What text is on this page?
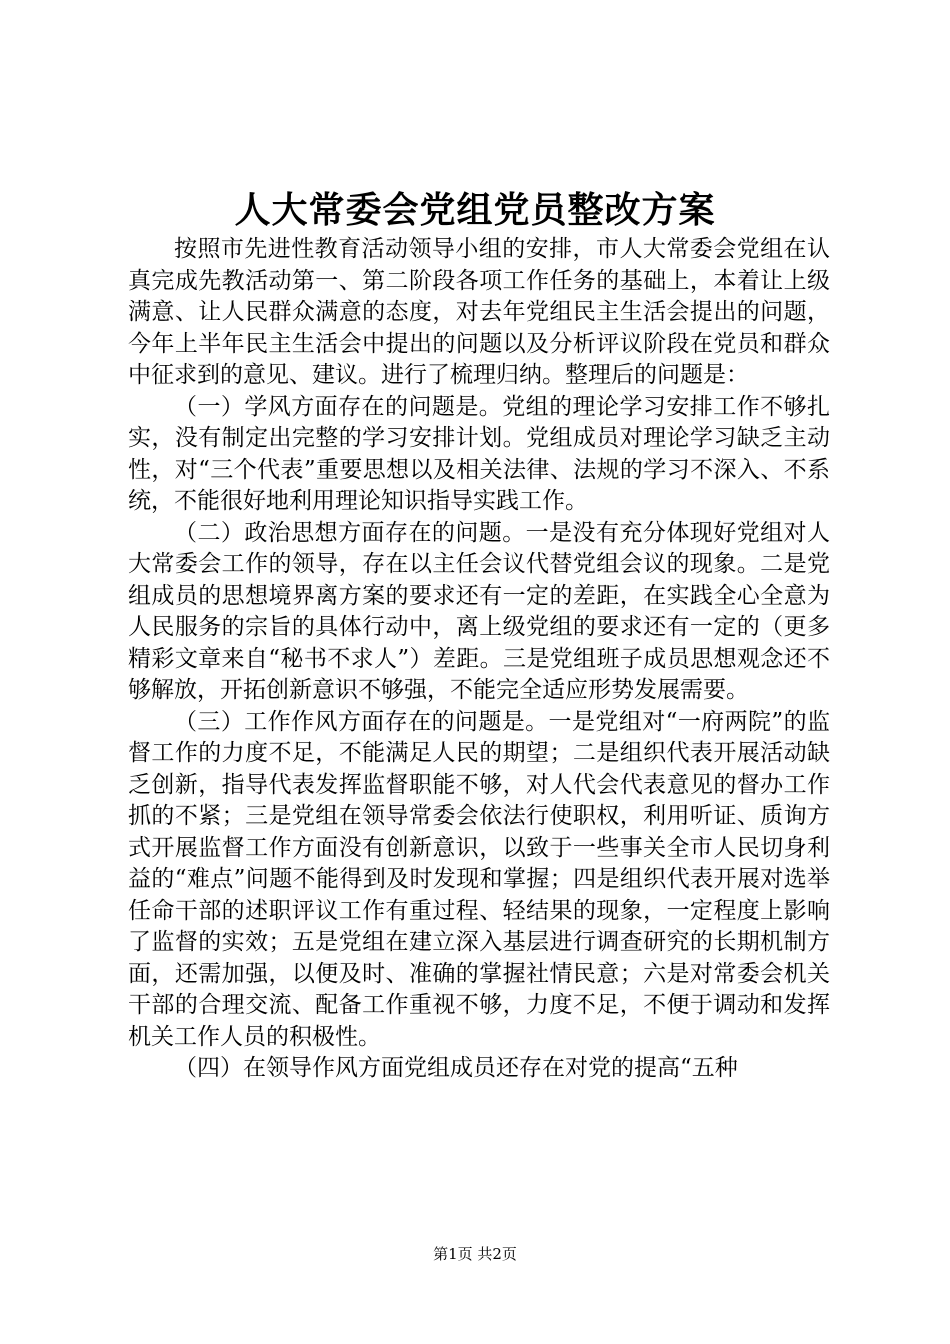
人大常委会党组党员整改方案

按照市先进性教育活动领导小组的安排，市人大常委会党组在认真完成先教活动第一、第二阶段各项工作任务的基础上，本着让上级满意、让人民群众满意的态度，对去年党组民主生活会提出的问题，今年上半年民主生活会中提出的问题以及分析评议阶段在党员和群众中征求到的意见、建议。进行了梳理归纳。整理后的问题是：

（一）学风方面存在的问题是。党组的理论学习安排工作不够扎实，没有制定出完整的学习安排计划。党组成员对理论学习缺乏主动性，对“三个代表”重要思想以及相关法律、法规的学习不深入、不系统，不能很好地利用理论知识指导实践工作。

（二）政治思想方面存在的问题。一是没有充分体现好党组对人大常委会工作的领导，存在以主任会议代替党组会议的现象。二是党组成员的思想境界离方案的要求还有一定的差距，在实践全心全意为人民服务的宗旨的具体行动中，离上级党组的要求还有一定的（更多精彩文章来自“秘书不求人”）差距。三是党组班子成员思想观念还不够解放，开拓创新意识不够强，不能完全适应形势发展需要。

（三）工作作风方面存在的问题是。一是党组对“一府两院”的监督工作的力度不足，不能满足人民的期望；二是组织代表开展活动缺乏创新，指导代表发挥监督职能不够，对人代会代表意见的督办工作抓的不紧；三是党组在领导常委会依法行使职权，利用听证、质询方式开展监督工作方面没有创新意识，以致于一些事关全市人民切身利益的“难点”问题不能得到及时发现和掌握；四是组织代表开展对选举任命干部的述职评议工作有重过程、轻结果的现象，一定程度上影响了监督的实效；五是党组在建立深入基层进行调查研究的长期机制方面，还需加强，以便及时、准确的掌握社情民意；六是对常委会机关干部的合理交流、配备工作重视不够，力度不足，不便于调动和发挥机关工作人员的积极性。

（四）在领导作风方面党组成员还存在对党的提高“五种

第1页 共2页
